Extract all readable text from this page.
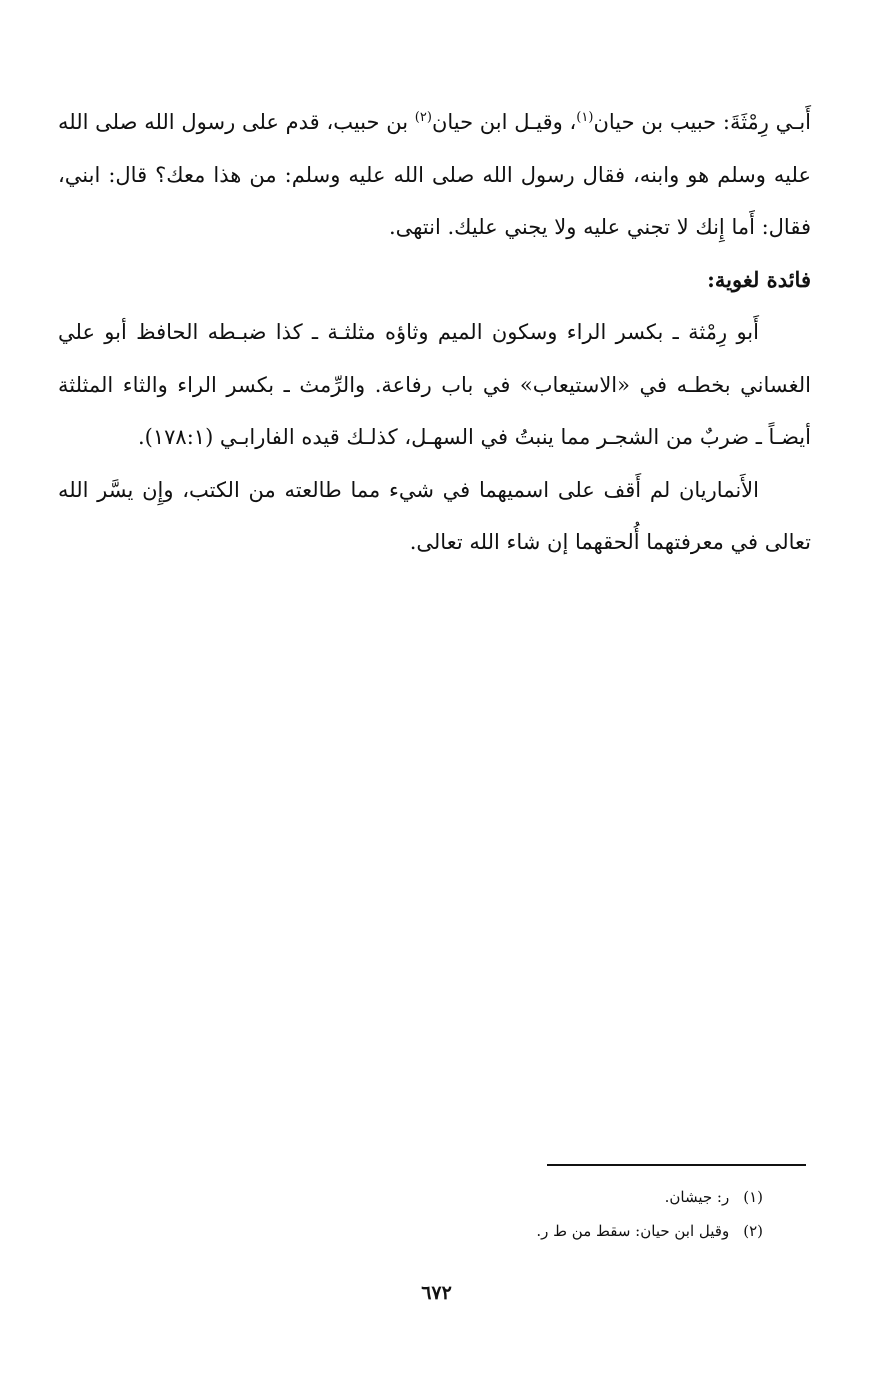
أَبـي رِمْثَةَ: حبيب بن حيان$^{(١)}$، وقيـل ابن حيان$^{(٢)}$ بن حبيب، قدم على رسول الله صلى الله عليه وسلم هو وابنه، فقال رسول الله صلى الله عليه وسلم: من هذا معك؟ قال: ابني، فقال: أَما إِنك لا تجني عليه ولا يجني عليك. انتهى.

فائدة لغوية:

أَبو رِمْثة ـ بكسر الراء وسكون الميم وثاؤه مثلثـة ـ كذا ضبـطه الحافظ أبو علي الغساني بخطـه في «الاستيعاب» في باب رفاعة. والرِّمث ـ بكسر الراء والثاء المثلثة أيضـاً ـ ضربٌ من الشجـر مما ينبتُ في السهـل، كذلـك قيده الفارابـي (١٧٨:١).

الأَنماريان لم أَقف على اسميهما في شيء مما طالعته من الكتب، وإِن يسَّر الله تعالى في معرفتهما أُلحقهما إن شاء الله تعالى.

(١)ر: جيشان.

(٢)وقيل ابن حيان: سقط من ط ر.

٦٧٢
